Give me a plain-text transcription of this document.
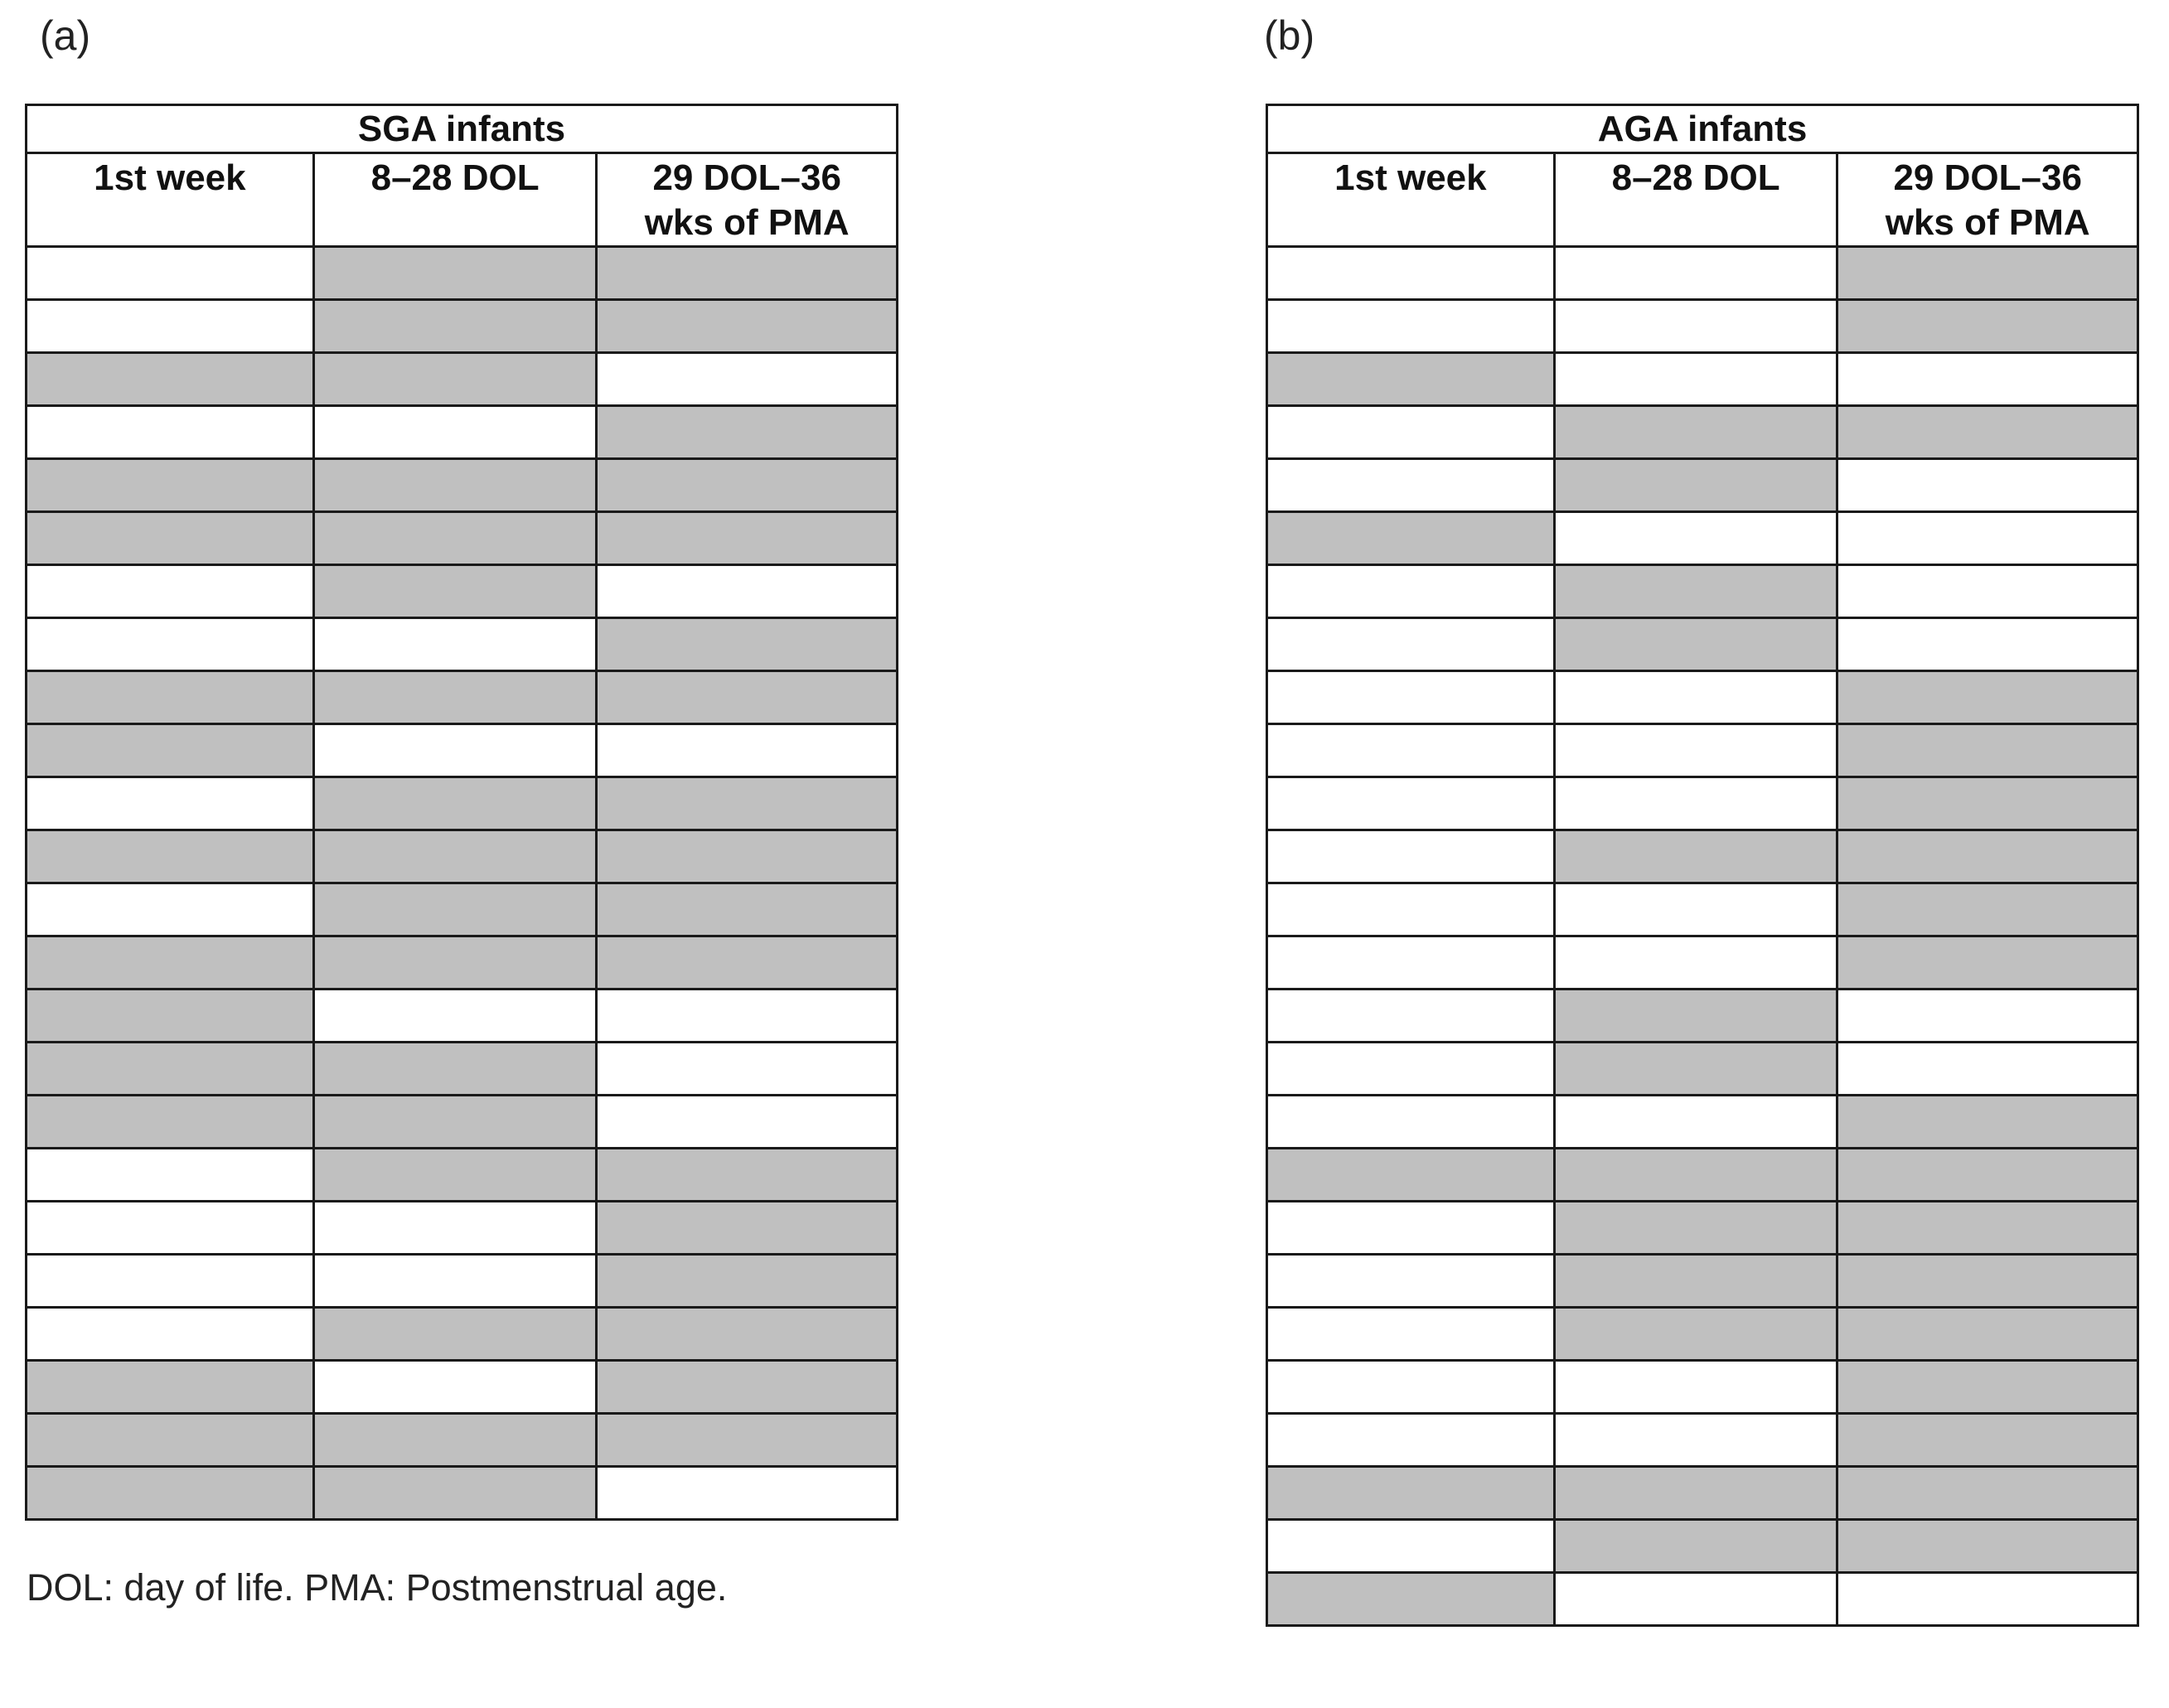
(a)	(b)
SGA infants		
1st week	8–28 DOL	29 DOL–36
wks of PMA

DOL: day of life. PMA: Postmenstrual age.
AGA infants		
1st week	8–28 DOL	29 DOL–36
wks of PMA
